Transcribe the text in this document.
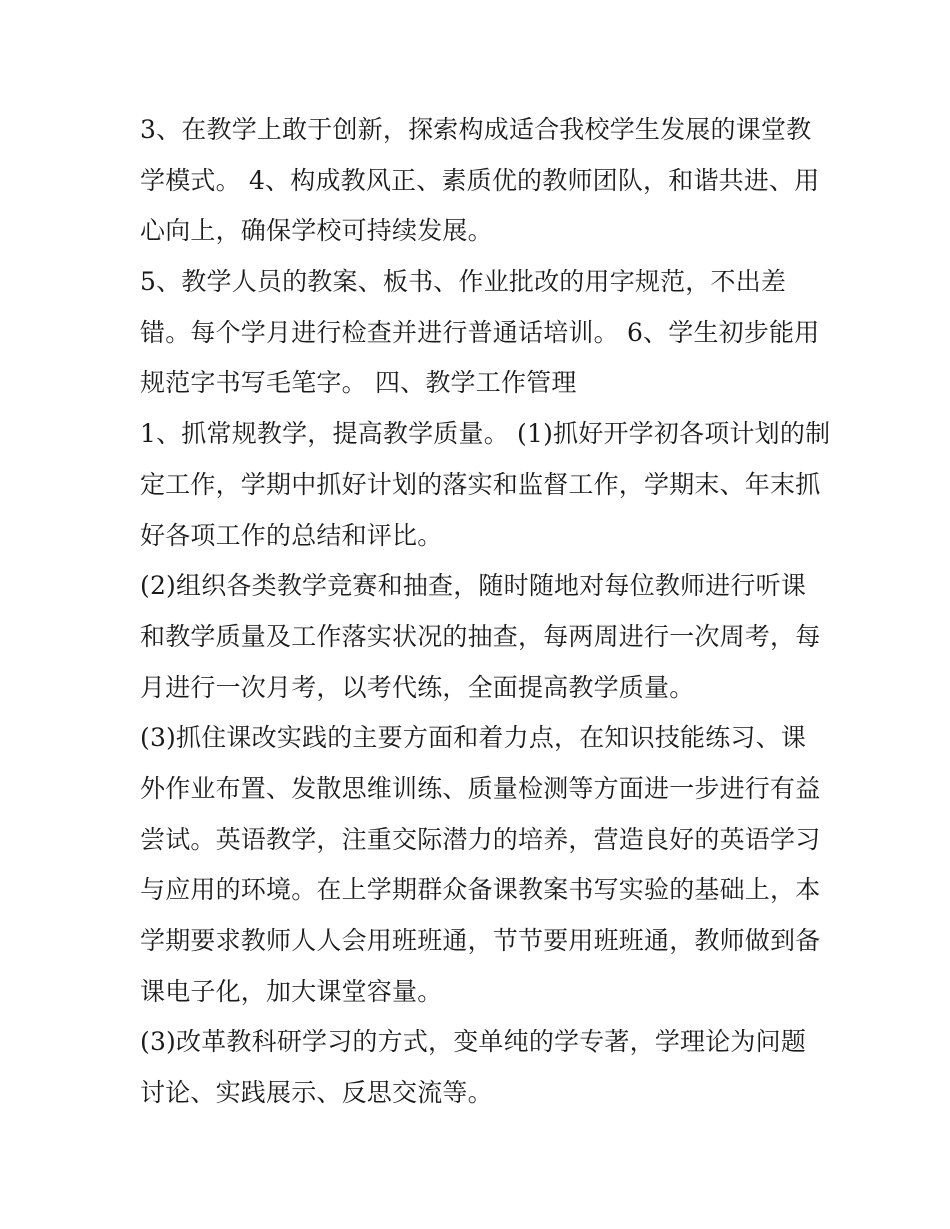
3、在教学上敢于创新，探索构成适合我校学生发展的课堂教
学模式。 4、构成教风正、素质优的教师团队，和谐共进、用
心向上，确保学校可持续发展。
5、教学人员的教案、板书、作业批改的用字规范，不出差
错。每个学月进行检查并进行普通话培训。 6、学生初步能用
规范字书写毛笔字。 四、教学工作管理
1、抓常规教学，提高教学质量。 (1)抓好开学初各项计划的制
定工作，学期中抓好计划的落实和监督工作，学期末、年末抓
好各项工作的总结和评比。
(2)组织各类教学竞赛和抽查，随时随地对每位教师进行听课
和教学质量及工作落实状况的抽查，每两周进行一次周考，每
月进行一次月考，以考代练，全面提高教学质量。
(3)抓住课改实践的主要方面和着力点，在知识技能练习、课
外作业布置、发散思维训练、质量检测等方面进一步进行有益
尝试。英语教学，注重交际潜力的培养，营造良好的英语学习
与应用的环境。在上学期群众备课教案书写实验的基础上，本
学期要求教师人人会用班班通，节节要用班班通，教师做到备
课电子化，加大课堂容量。
(3)改革教科研学习的方式，变单纯的学专著，学理论为问题
讨论、实践展示、反思交流等。
